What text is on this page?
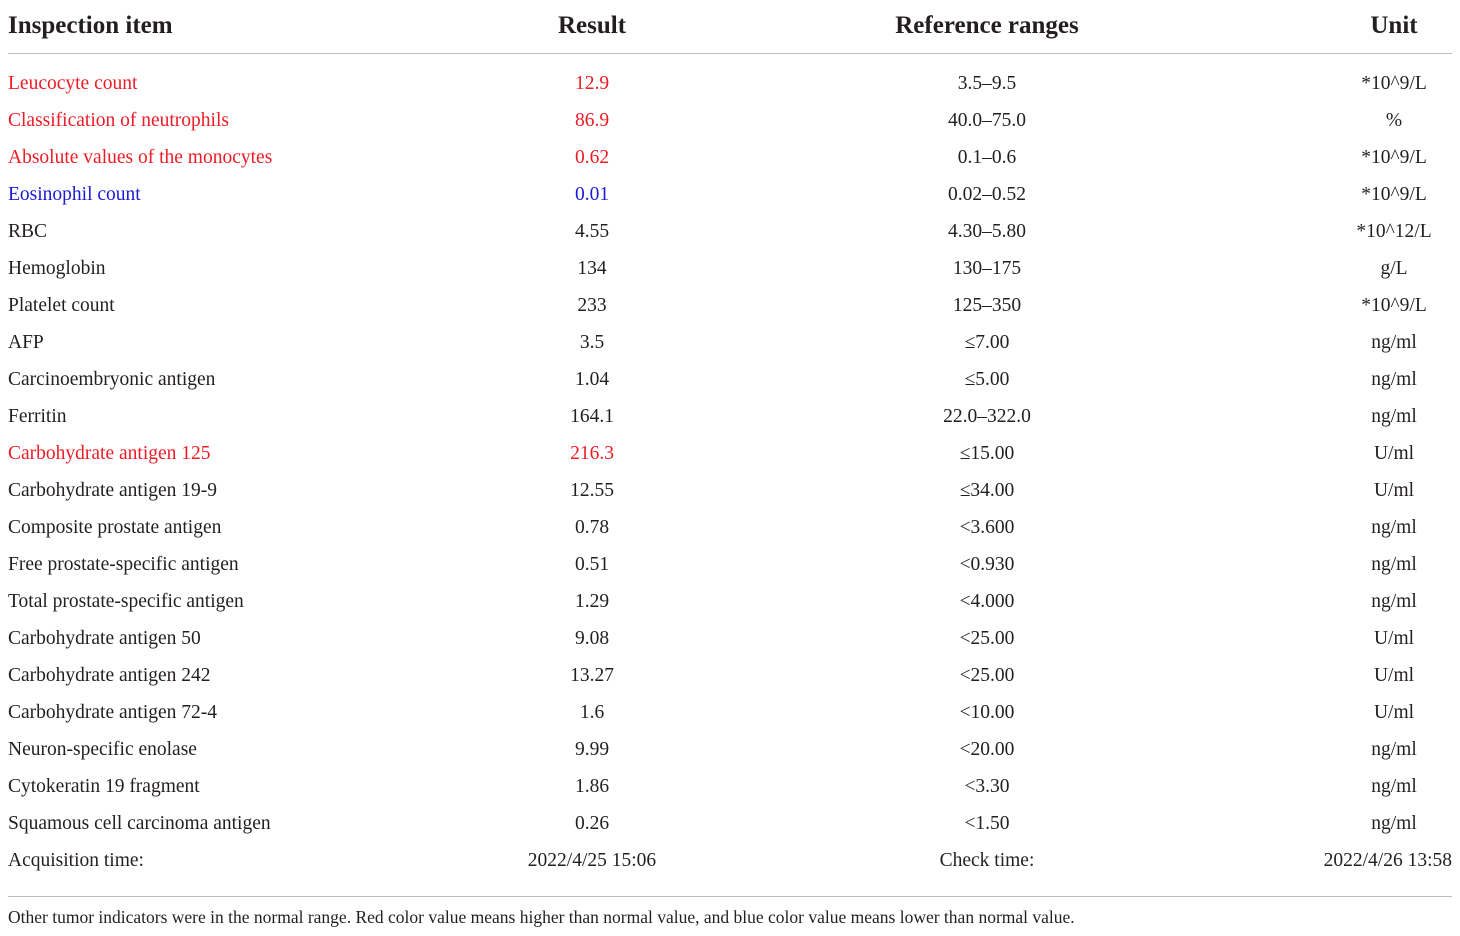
Inspection item	Result	Reference ranges	Unit
Leucocyte count	12.9	3.5–9.5	*10^9/L
Classification of neutrophils	86.9	40.0–75.0	%
Absolute values of the monocytes	0.62	0.1–0.6	*10^9/L
Eosinophil count	0.01	0.02–0.52	*10^9/L
RBC	4.55	4.30–5.80	*10^12/L
Hemoglobin	134	130–175	g/L
Platelet count	233	125–350	*10^9/L
AFP	3.5	≤7.00	ng/ml
Carcinoembryonic antigen	1.04	≤5.00	ng/ml
Ferritin	164.1	22.0–322.0	ng/ml
Carbohydrate antigen 125	216.3	≤15.00	U/ml
Carbohydrate antigen 19-9	12.55	≤34.00	U/ml
Composite prostate antigen	0.78	<3.600	ng/ml
Free prostate-specific antigen	0.51	<0.930	ng/ml
Total prostate-specific antigen	1.29	<4.000	ng/ml
Carbohydrate antigen 50	9.08	<25.00	U/ml
Carbohydrate antigen 242	13.27	<25.00	U/ml
Carbohydrate antigen 72-4	1.6	<10.00	U/ml
Neuron-specific enolase	9.99	<20.00	ng/ml
Cytokeratin 19 fragment	1.86	<3.30	ng/ml
Squamous cell carcinoma antigen	0.26	<1.50	ng/ml
Acquisition time:	2022/4/25 15:06	Check time:	2022/4/26 13:58
Other tumor indicators were in the normal range. Red color value means higher than normal value, and blue color value means lower than normal value.
